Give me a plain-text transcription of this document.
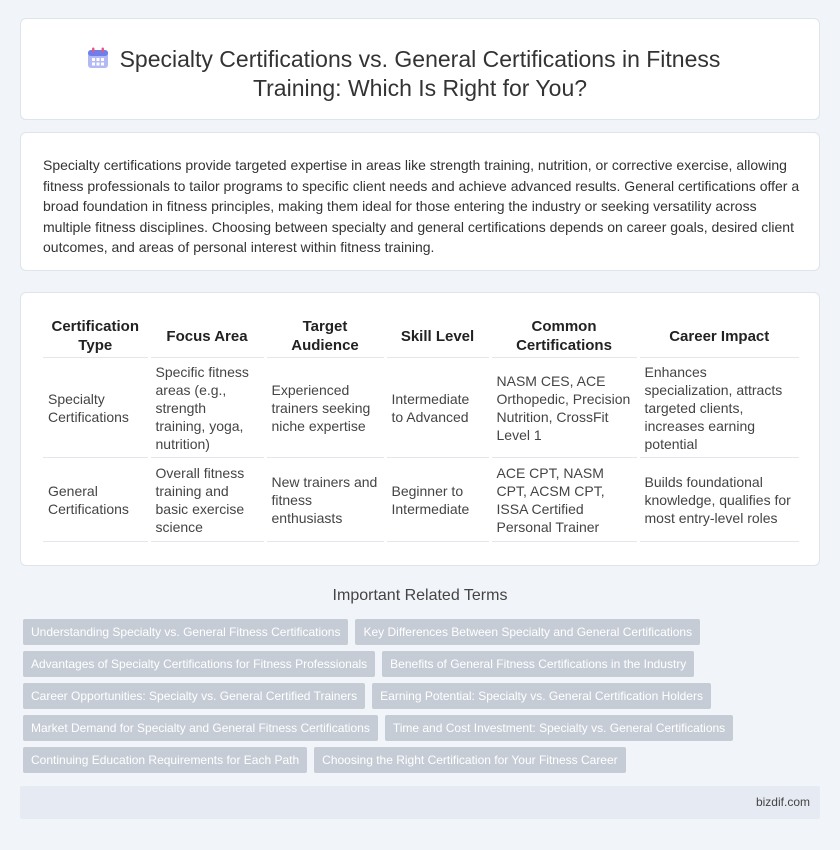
Specialty Certifications vs. General Certifications in Fitness
Training: Which Is Right for You?

Specialty certifications provide targeted expertise in areas like strength training, nutrition, or corrective exercise, allowing fitness professionals to tailor programs to specific client needs and achieve advanced results. General certifications offer a broad foundation in fitness principles, making them ideal for those entering the industry or seeking versatility across multiple fitness disciplines. Choosing between specialty and general certifications depends on career goals, desired client outcomes, and areas of personal interest within fitness training.

Certification Type	Focus Area	Target Audience	Skill Level	Common Certifications	Career Impact
Specialty Certifications	Specific fitness areas (e.g., strength training, yoga, nutrition)	Experienced trainers seeking niche expertise	Intermediate to Advanced	NASM CES, ACE Orthopedic, Precision Nutrition, CrossFit Level 1	Enhances specialization, attracts targeted clients, increases earning potential
General Certifications	Overall fitness training and basic exercise science	New trainers and fitness enthusiasts	Beginner to Intermediate	ACE CPT, NASM CPT, ACSM CPT, ISSA Certified Personal Trainer	Builds foundational knowledge, qualifies for most entry-level roles
Important Related Terms
Understanding Specialty vs. General Fitness Certifications	Key Differences Between Specialty and General Certifications
Advantages of Specialty Certifications for Fitness Professionals	Benefits of General Fitness Certifications in the Industry
Career Opportunities: Specialty vs. General Certified Trainers	Earning Potential: Specialty vs. General Certification Holders
Market Demand for Specialty and General Fitness Certifications	Time and Cost Investment: Specialty vs. General Certifications
Continuing Education Requirements for Each Path	Choosing the Right Certification for Your Fitness Career
bizdif.com
